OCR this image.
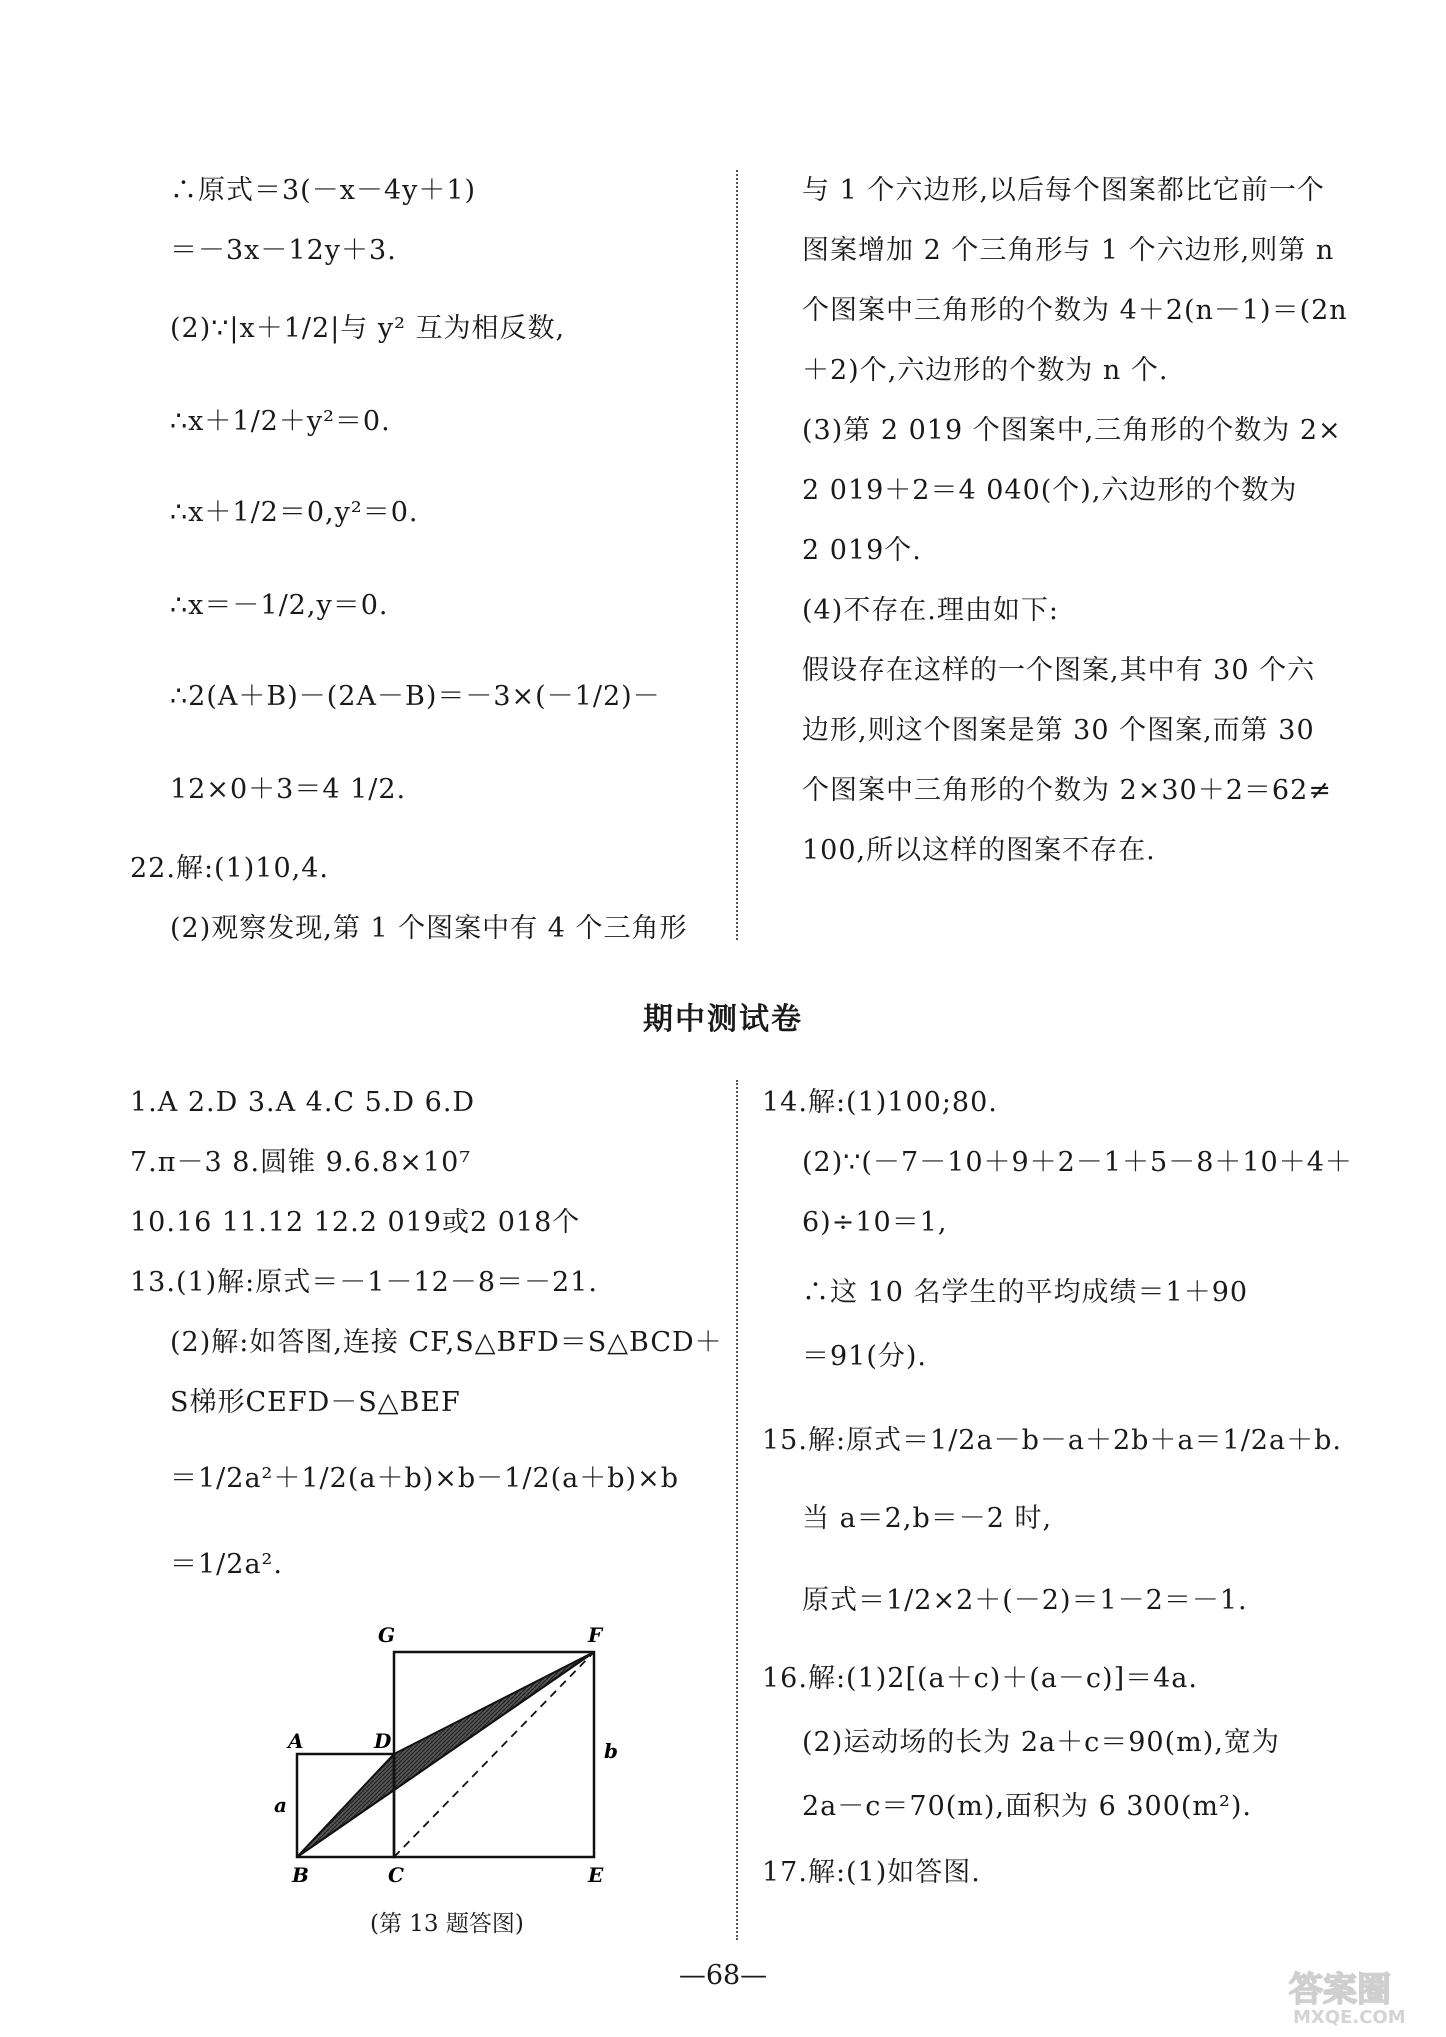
∴原式＝3(－x－4y＋1)
＝－3x－12y＋3.
(2)∵|x＋1/2|与 y² 互为相反数,
∴x＋1/2＋y²＝0.
∴x＋1/2＝0,y²＝0.
∴x＝－1/2,y＝0.
∴2(A＋B)－(2A－B)＝－3×(－1/2)－
12×0＋3＝4 1/2.
22.解:(1)10,4.
(2)观察发现,第 1 个图案中有 4 个三角形
与 1 个六边形,以后每个图案都比它前一个
图案增加 2 个三角形与 1 个六边形,则第 n
个图案中三角形的个数为 4＋2(n－1)＝(2n
＋2)个,六边形的个数为 n 个.
(3)第 2 019 个图案中,三角形的个数为 2×
2 019＋2＝4 040(个),六边形的个数为
2 019个.
(4)不存在.理由如下:
假设存在这样的一个图案,其中有 30 个六
边形,则这个图案是第 30 个图案,而第 30
个图案中三角形的个数为 2×30＋2＝62≠
100,所以这样的图案不存在.
期中测试卷
1.A 2.D 3.A 4.C 5.D 6.D
7.π－3 8.圆锥 9.6.8×10⁷
10.16 11.12 12.2 019或2 018个
13.(1)解:原式＝－1－12－8＝－21.
(2)解:如答图,连接 CF,S△BFD＝S△BCD＋
S梯形CEFD－S△BEF
＝1/2a²＋1/2(a＋b)×b－1/2(a＋b)×b
＝1/2a².
G	F
A	D	b
a
B	C	E
(第 13 题答图)
14.解:(1)100;80.
(2)∵(－7－10＋9＋2－1＋5－8＋10＋4＋
6)÷10＝1,
∴这 10 名学生的平均成绩＝1＋90
＝91(分).
15.解:原式＝1/2a－b－a＋2b＋a＝1/2a＋b.
当 a＝2,b＝－2 时,
原式＝1/2×2＋(－2)＝1－2＝－1.
16.解:(1)2[(a＋c)＋(a－c)]＝4a.
(2)运动场的长为 2a＋c＝90(m),宽为
2a－c＝70(m),面积为 6 300(m²).
17.解:(1)如答图.
—68—	答案圈
MXQE.COM
